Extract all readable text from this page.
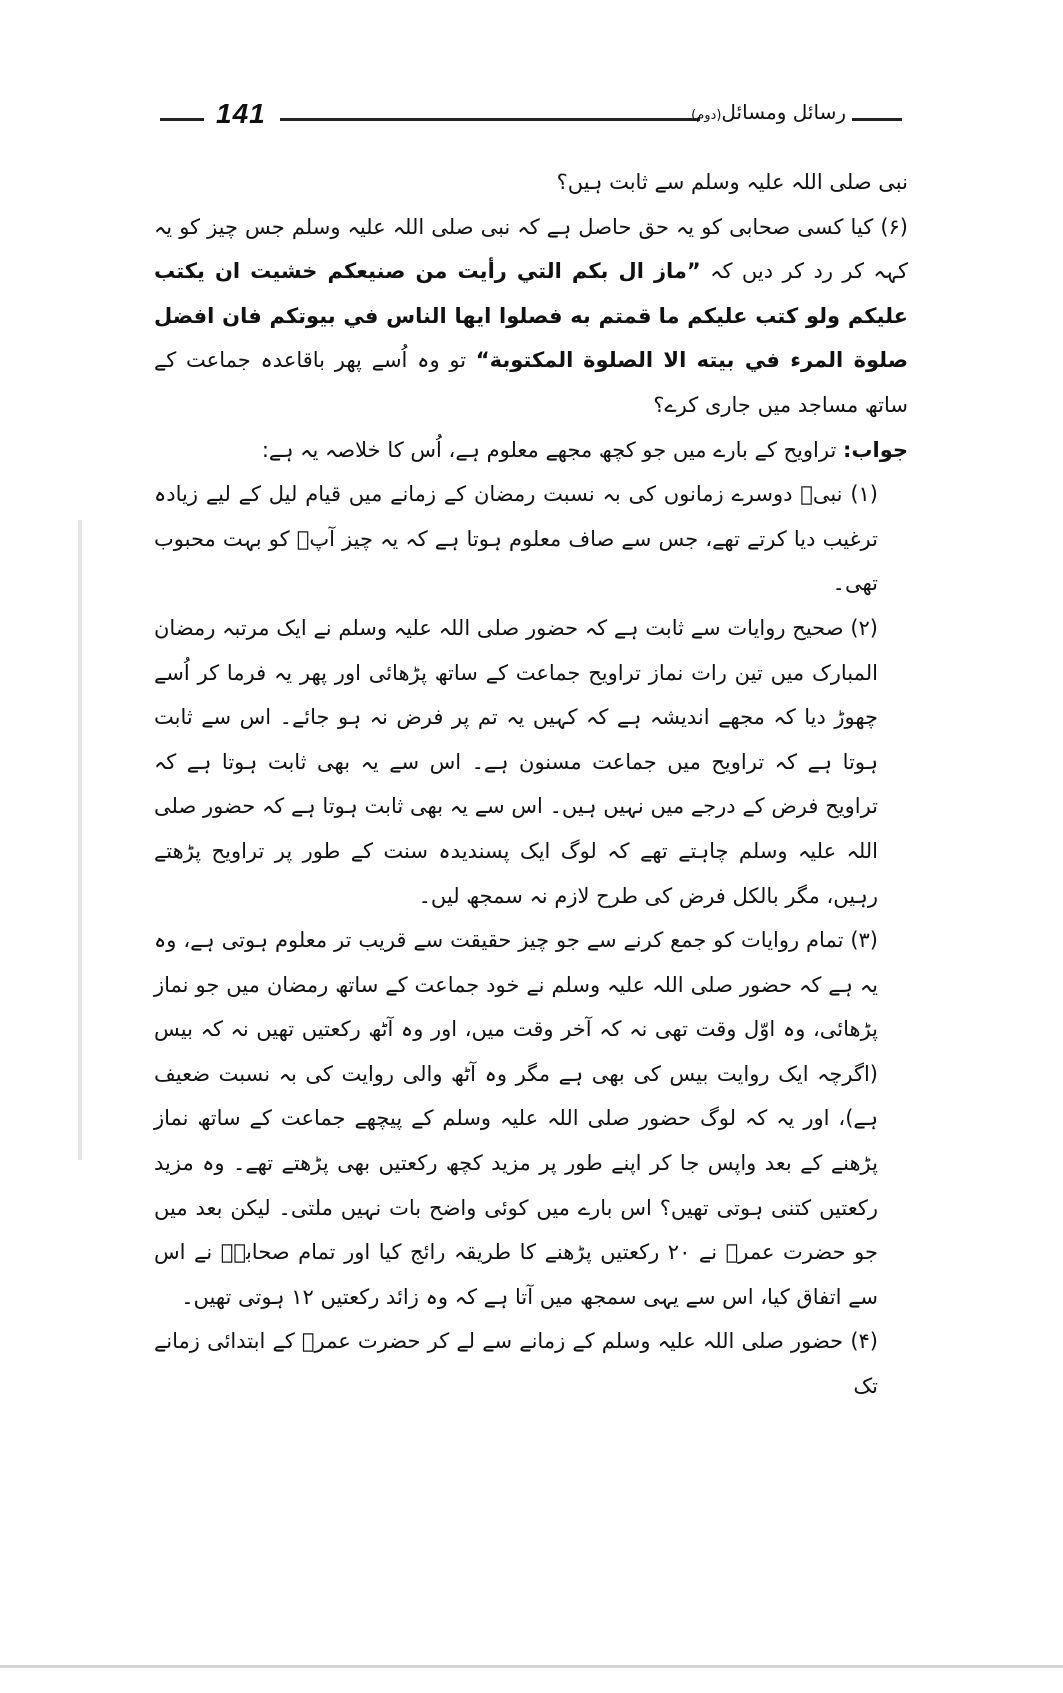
141	رسائل ومسائل(دوم)

نبی صلی اللہ علیہ وسلم سے ثابت ہیں؟

(۶) کیا کسی صحابی کو یہ حق حاصل ہے کہ نبی صلی اللہ علیہ وسلم جس چیز کو یہ کہہ کر رد کر دیں کہ ”ماز ال بكم التي رأيت من صنيعكم خشيت ان يكتب عليكم ولو كتب عليكم ما قمتم به فصلوا ايها الناس في بيوتكم فان افضل صلوة المرء في بيته الا الصلوة المكتوبة“ تو وہ اُسے پھر باقاعدہ جماعت کے ساتھ مساجد میں جاری کرے؟

جواب: تراویح کے بارے میں جو کچھ مجھے معلوم ہے، اُس کا خلاصہ یہ ہے:

(۱) نبیؐ دوسرے زمانوں کی بہ نسبت رمضان کے زمانے میں قیام لیل کے لیے زیادہ ترغیب دیا کرتے تھے، جس سے صاف معلوم ہوتا ہے کہ یہ چیز آپؐ کو بہت محبوب تھی۔

(۲) صحیح روایات سے ثابت ہے کہ حضور صلی اللہ علیہ وسلم نے ایک مرتبہ رمضان المبارک میں تین رات نماز تراویح جماعت کے ساتھ پڑھائی اور پھر یہ فرما کر اُسے چھوڑ دیا کہ مجھے اندیشہ ہے کہ کہیں یہ تم پر فرض نہ ہو جائے۔ اس سے ثابت ہوتا ہے کہ تراویح میں جماعت مسنون ہے۔ اس سے یہ بھی ثابت ہوتا ہے کہ تراویح فرض کے درجے میں نہیں ہیں۔ اس سے یہ بھی ثابت ہوتا ہے کہ حضور صلی اللہ علیہ وسلم چاہتے تھے کہ لوگ ایک پسندیدہ سنت کے طور پر تراویح پڑھتے رہیں، مگر بالکل فرض کی طرح لازم نہ سمجھ لیں۔

(۳) تمام روایات کو جمع کرنے سے جو چیز حقیقت سے قریب تر معلوم ہوتی ہے، وہ یہ ہے کہ حضور صلی اللہ علیہ وسلم نے خود جماعت کے ساتھ رمضان میں جو نماز پڑھائی، وہ اوّل وقت تھی نہ کہ آخر وقت میں، اور وہ آٹھ رکعتیں تھیں نہ کہ بیس (اگرچہ ایک روایت بیس کی بھی ہے مگر وہ آٹھ والی روایت کی بہ نسبت ضعیف ہے)، اور یہ کہ لوگ حضور صلی اللہ علیہ وسلم کے پیچھے جماعت کے ساتھ نماز پڑھنے کے بعد واپس جا کر اپنے طور پر مزید کچھ رکعتیں بھی پڑھتے تھے۔ وہ مزید رکعتیں کتنی ہوتی تھیں؟ اس بارے میں کوئی واضح بات نہیں ملتی۔ لیکن بعد میں جو حضرت عمرؓ نے ۲۰ رکعتیں پڑھنے کا طریقہ رائج کیا اور تمام صحابہؓ نے اس سے اتفاق کیا، اس سے یہی سمجھ میں آتا ہے کہ وہ زائد رکعتیں ۱۲ ہوتی تھیں۔

(۴) حضور صلی اللہ علیہ وسلم کے زمانے سے لے کر حضرت عمرؓ کے ابتدائی زمانے تک
